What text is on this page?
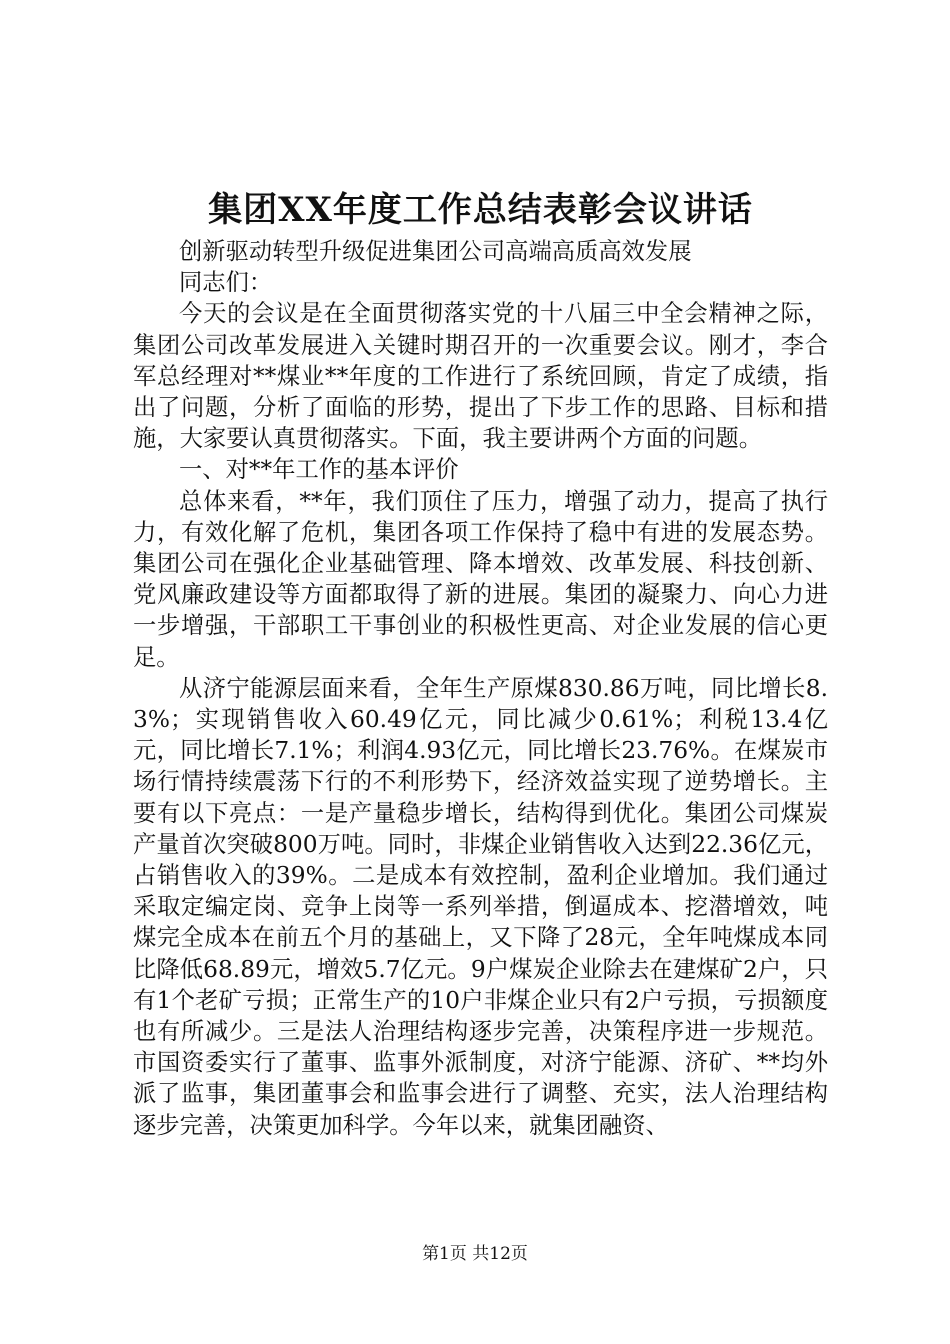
集团XX年度工作总结表彰会议讲话

创新驱动转型升级促进集团公司高端高质高效发展

同志们：

今天的会议是在全面贯彻落实党的十八届三中全会精神之际，集团公司改革发展进入关键时期召开的一次重要会议。刚才，李合军总经理对**煤业**年度的工作进行了系统回顾，肯定了成绩，指出了问题，分析了面临的形势，提出了下步工作的思路、目标和措施，大家要认真贯彻落实。下面，我主要讲两个方面的问题。

一、对**年工作的基本评价

总体来看，**年，我们顶住了压力，增强了动力，提高了执行力，有效化解了危机，集团各项工作保持了稳中有进的发展态势。集团公司在强化企业基础管理、降本增效、改革发展、科技创新、党风廉政建设等方面都取得了新的进展。集团的凝聚力、向心力进一步增强，干部职工干事创业的积极性更高、对企业发展的信心更足。

从济宁能源层面来看，全年生产原煤830.86万吨，同比增长8.3%；实现销售收入60.49亿元，同比减少0.61%；利税13.4亿元，同比增长7.1%；利润4.93亿元，同比增长23.76%。在煤炭市场行情持续震荡下行的不利形势下，经济效益实现了逆势增长。主要有以下亮点：一是产量稳步增长，结构得到优化。集团公司煤炭产量首次突破800万吨。同时，非煤企业销售收入达到22.36亿元，占销售收入的39%。二是成本有效控制，盈利企业增加。我们通过采取定编定岗、竞争上岗等一系列举措，倒逼成本、挖潜增效，吨煤完全成本在前五个月的基础上，又下降了28元，全年吨煤成本同比降低68.89元，增效5.7亿元。9户煤炭企业除去在建煤矿2户，只有1个老矿亏损；正常生产的10户非煤企业只有2户亏损，亏损额度也有所减少。三是法人治理结构逐步完善，决策程序进一步规范。市国资委实行了董事、监事外派制度，对济宁能源、济矿、**均外派了监事，集团董事会和监事会进行了调整、充实，法人治理结构逐步完善，决策更加科学。今年以来，就集团融资、

第1页 共12页
